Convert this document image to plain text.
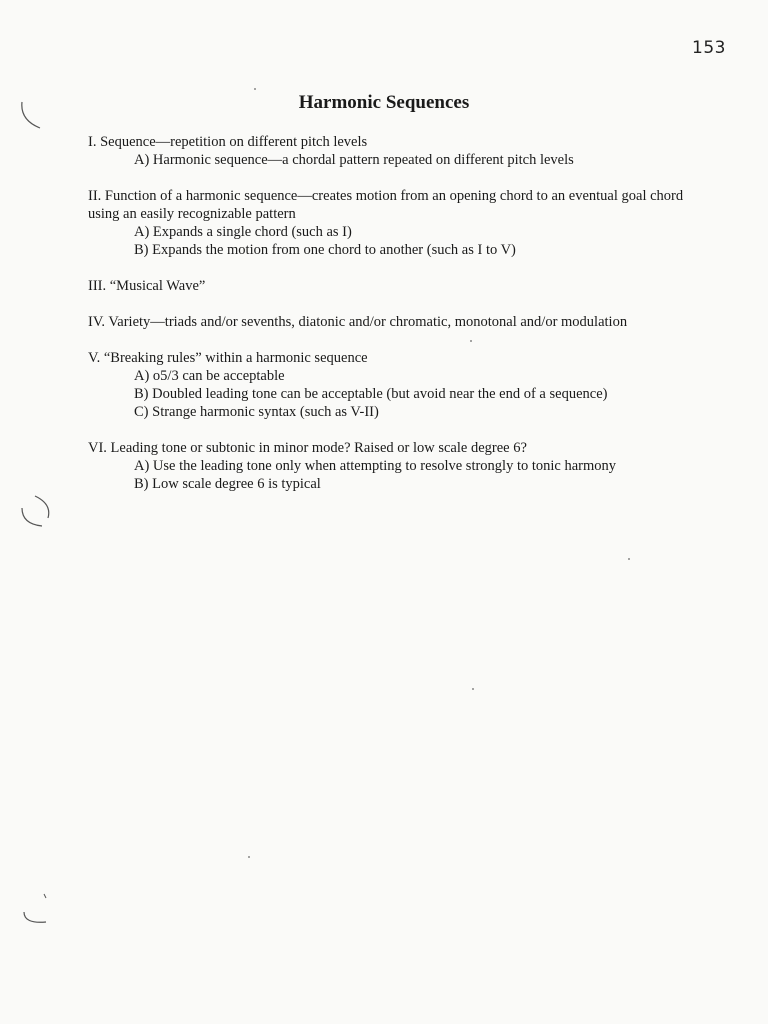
153
Harmonic Sequences

I. Sequence—repetition on different pitch levels

A) Harmonic sequence—a chordal pattern repeated on different pitch levels

II. Function of a harmonic sequence—creates motion from an opening chord to an eventual goal chord using an easily recognizable pattern

A) Expands a single chord (such as I)

B) Expands the motion from one chord to another (such as I to V)

III. “Musical Wave”

IV. Variety—triads and/or sevenths, diatonic and/or chromatic, monotonal and/or modulation

V. “Breaking rules” within a harmonic sequence

A) o5/3 can be acceptable

B) Doubled leading tone can be acceptable (but avoid near the end of a sequence)

C) Strange harmonic syntax (such as V-II)

VI. Leading tone or subtonic in minor mode? Raised or low scale degree 6?

A) Use the leading tone only when attempting to resolve strongly to tonic harmony

B) Low scale degree 6 is typical
